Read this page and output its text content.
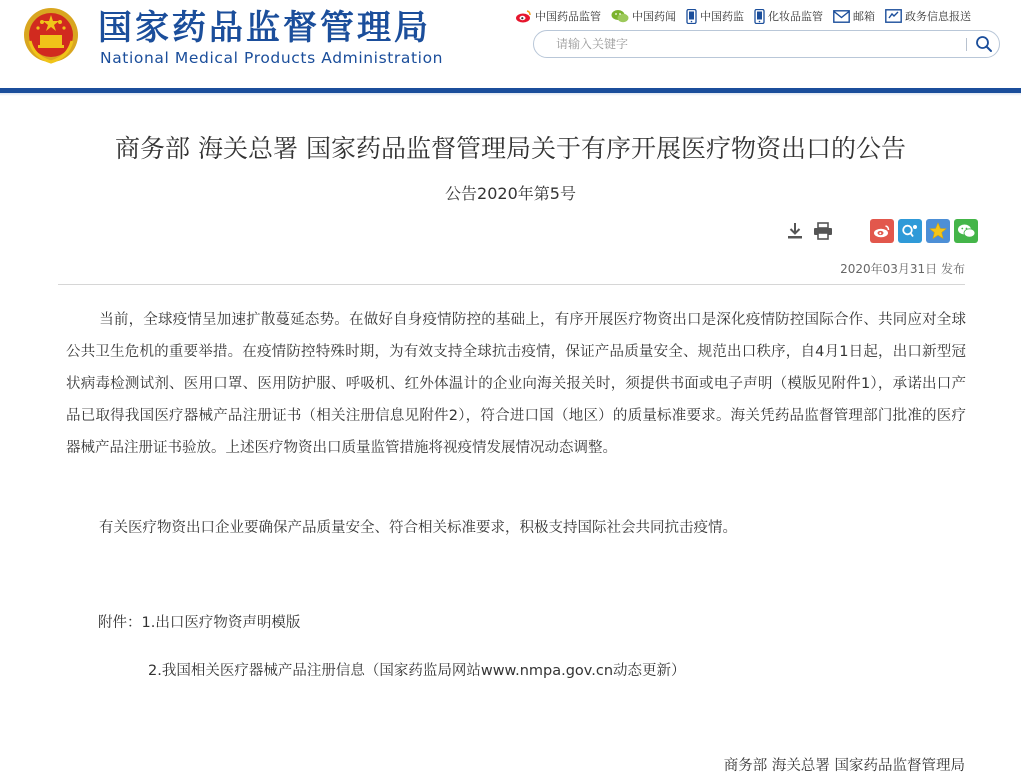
国家药品监督管理局
National Medical Products Administration
中国药品监管	中国药闻 中国药监 化妆品监管	邮箱	政务信息报送
请输入关键字
商务部 海关总署 国家药品监督管理局关于有序开展医疗物资出口的公告
公告2020年第5号
2020年03月31日 发布

当前，全球疫情呈加速扩散蔓延态势。在做好自身疫情防控的基础上，有序开展医疗物资出口是深化疫情防控国际合作、共同应对全球公共卫生危机的重要举措。在疫情防控特殊时期，为有效支持全球抗击疫情，保证产品质量安全、规范出口秩序，自4月1日起，出口新型冠状病毒检测试剂、医用口罩、医用防护服、呼吸机、红外体温计的企业向海关报关时，须提供书面或电子声明（模版见附件1），承诺出口产品已取得我国医疗器械产品注册证书（相关注册信息见附件2），符合进口国（地区）的质量标准要求。海关凭药品监督管理部门批准的医疗器械产品注册证书验放。上述医疗物资出口质量监管措施将视疫情发展情况动态调整。

有关医疗物资出口企业要确保产品质量安全、符合相关标准要求，积极支持国际社会共同抗击疫情。

附件：1.出口医疗物资声明模版
2.我国相关医疗器械产品注册信息（国家药监局网站www.nmpa.gov.cn动态更新）
商务部 海关总署 国家药品监督管理局
